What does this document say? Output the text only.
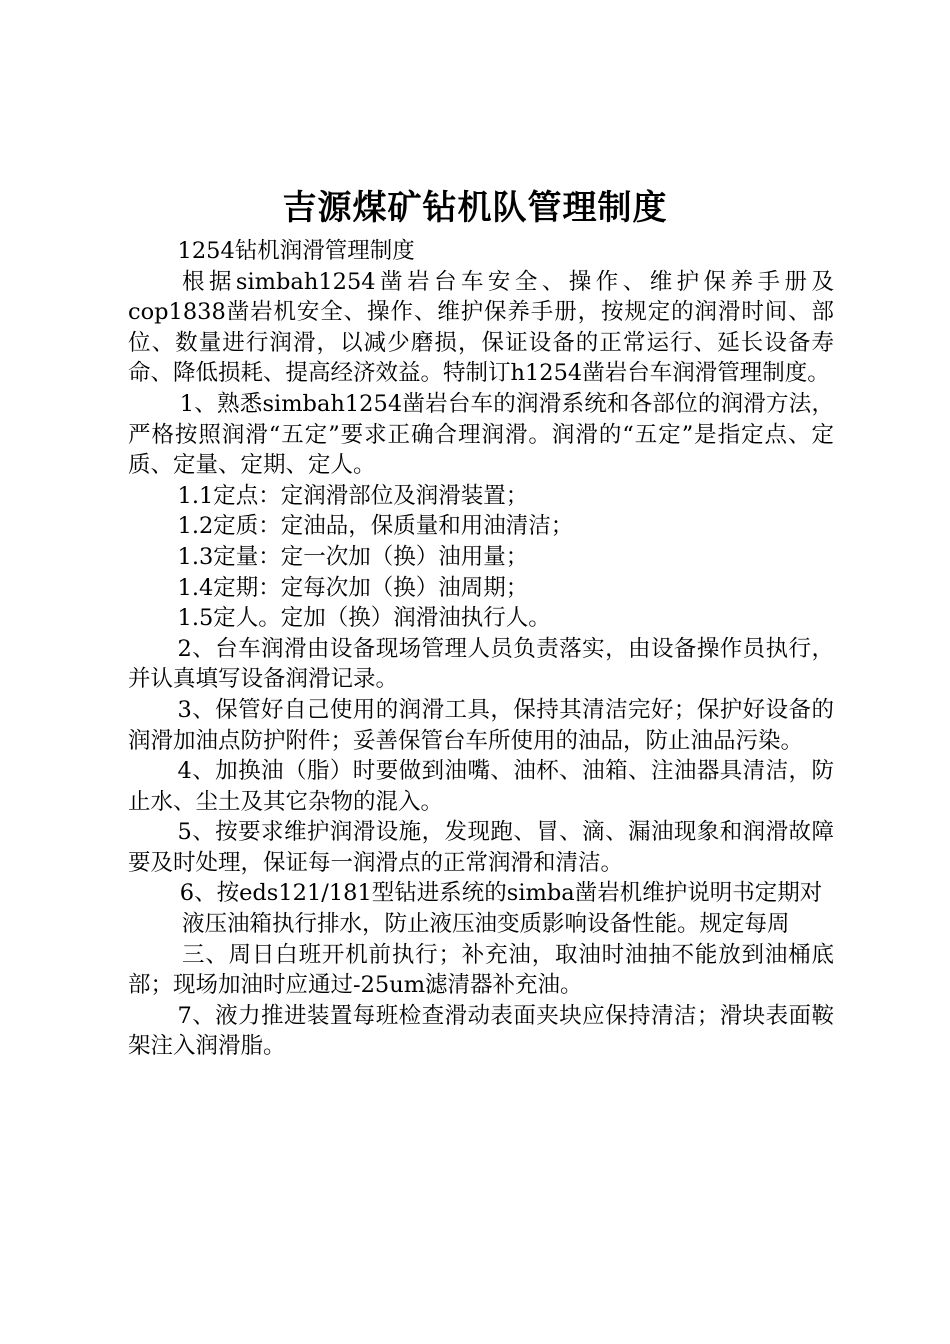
吉源煤矿钻机队管理制度

1254钻机润滑管理制度

根据simbah1254凿岩台车安全、操作、维护保养手册及cop1838凿岩机安全、操作、维护保养手册，按规定的润滑时间、部位、数量进行润滑，以减少磨损，保证设备的正常运行、延长设备寿命、降低损耗、提高经济效益。特制订h1254凿岩台车润滑管理制度。

1、熟悉simbah1254凿岩台车的润滑系统和各部位的润滑方法，严格按照润滑“五定”要求正确合理润滑。润滑的“五定”是指定点、定质、定量、定期、定人。

1.1定点：定润滑部位及润滑装置；

1.2定质：定油品，保质量和用油清洁；

1.3定量：定一次加（换）油用量；

1.4定期：定每次加（换）油周期；

1.5定人。定加（换）润滑油执行人。

2、台车润滑由设备现场管理人员负责落实，由设备操作员执行，并认真填写设备润滑记录。

3、保管好自己使用的润滑工具，保持其清洁完好；保护好设备的润滑加油点防护附件；妥善保管台车所使用的油品，防止油品污染。

4、加换油（脂）时要做到油嘴、油杯、油箱、注油器具清洁，防止水、尘土及其它杂物的混入。

5、按要求维护润滑设施，发现跑、冒、滴、漏油现象和润滑故障要及时处理，保证每一润滑点的正常润滑和清洁。

6、按eds121/181型钻进系统的simba凿岩机维护说明书定期对

液压油箱执行排水，防止液压油变质影响设备性能。规定每周

三、周日白班开机前执行；补充油，取油时油抽不能放到油桶底部；现场加油时应通过-25um滤清器补充油。

7、液力推进装置每班检查滑动表面夹块应保持清洁；滑块表面鞍架注入润滑脂。
